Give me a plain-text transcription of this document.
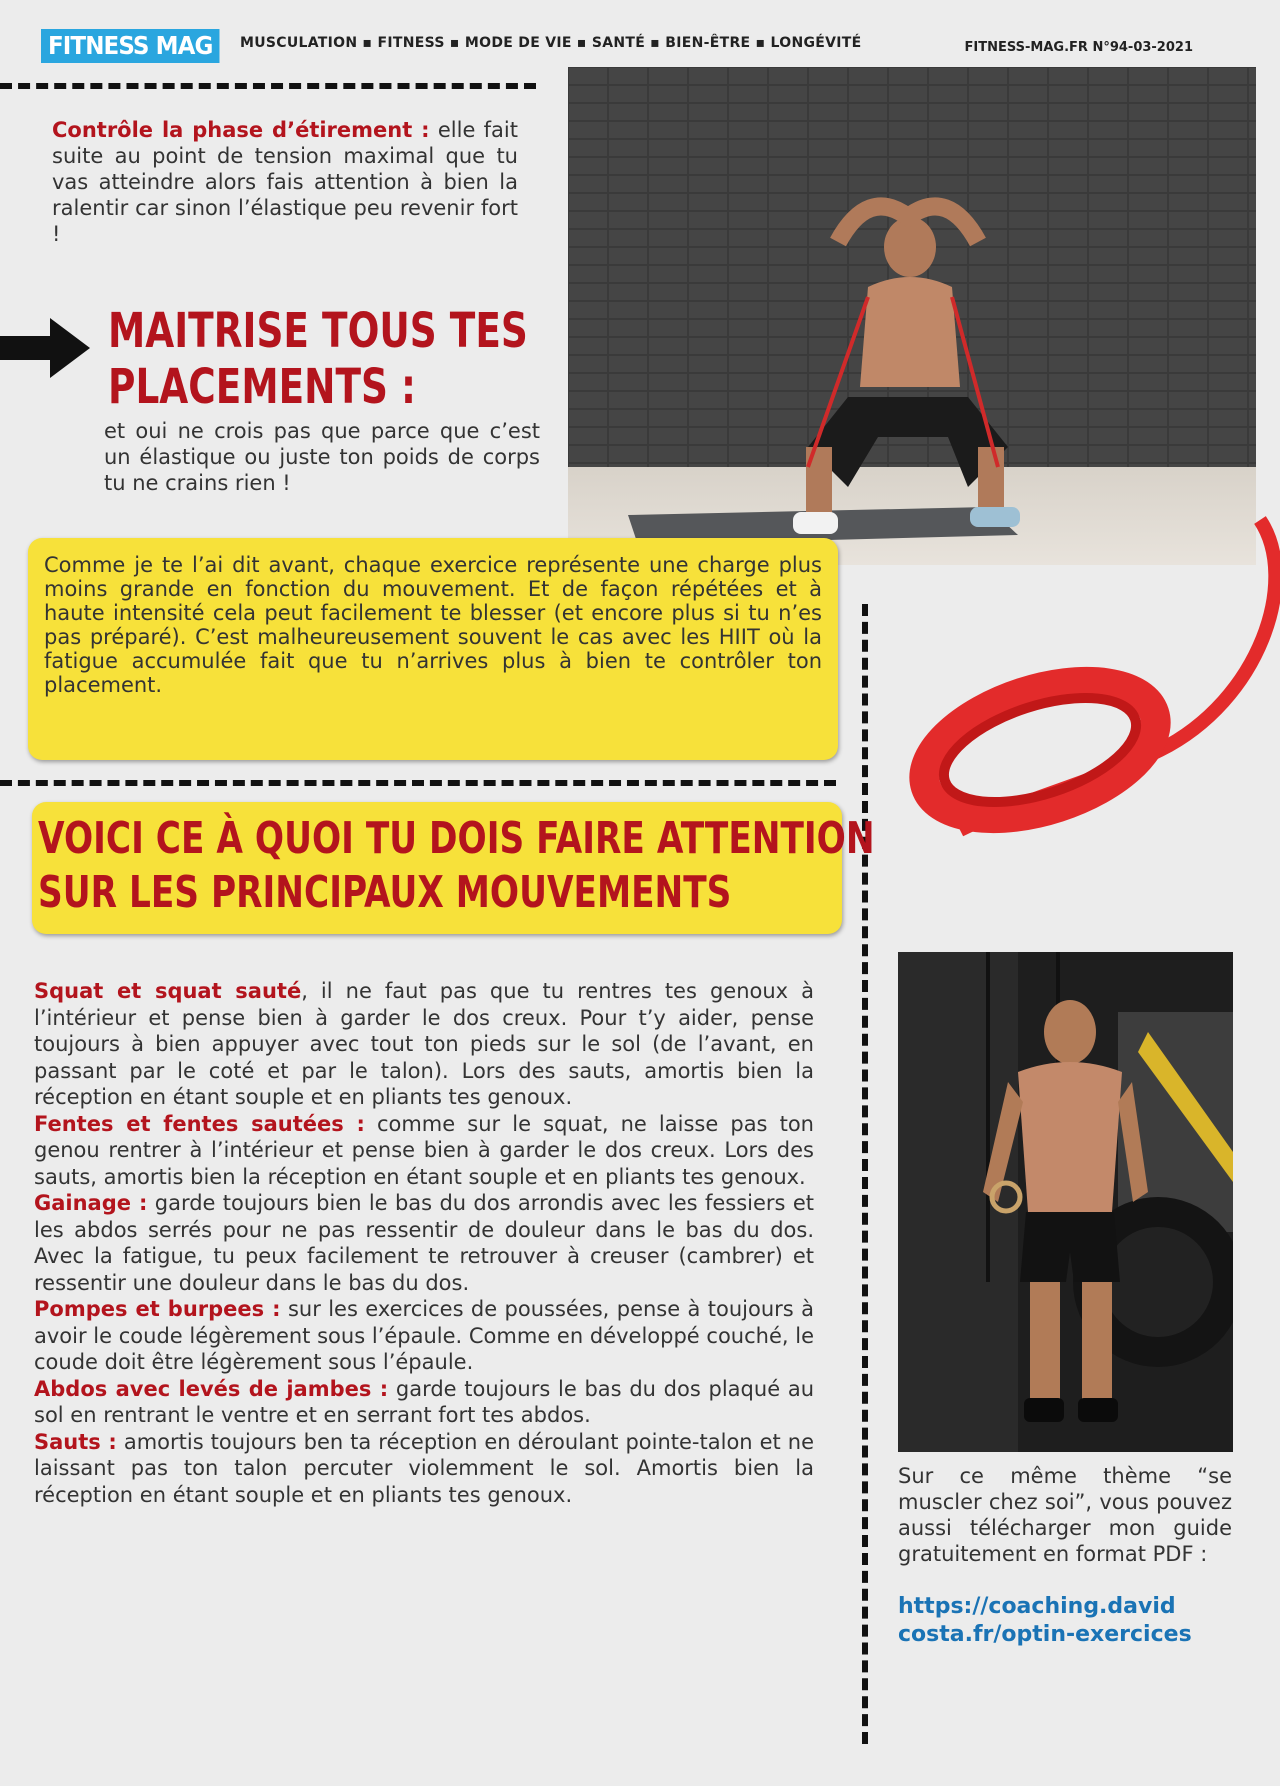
FITNESS MAG	MUSCULATION ▪ FITNESS ▪ MODE DE VIE ▪ SANTÉ ▪ BIEN-ÊTRE ▪ LONGÉVITÉ	FITNESS-MAG.FR N°94-03-2021
Contrôle la phase d’étirement : elle fait suite au point de tension maximal que tu vas atteindre alors fais attention à bien la ralentir car sinon l’élastique peu revenir fort !
MAITRISE TOUS TES
PLACEMENTS :
et oui ne crois pas que parce que c’est un élastique ou juste ton poids de corps tu ne crains rien !
Comme je te l’ai dit avant, chaque exercice représente une charge plus moins grande en fonction du mouvement. Et de façon répétées et à haute intensité cela peut facilement te blesser (et encore plus si tu n’es pas préparé). C’est malheureusement souvent le cas avec les HIIT où la fatigue accumulée fait que tu n’arrives plus à bien te contrôler ton placement.
VOICI CE À QUOI TU DOIS FAIRE ATTENTION
SUR LES PRINCIPAUX MOUVEMENTS
Squat et squat sauté, il ne faut pas que tu rentres tes genoux à l’intérieur et pense bien à garder le dos creux. Pour t’y aider, pense toujours à bien appuyer avec tout ton pieds sur le sol (de l’avant, en passant par le coté et par le talon). Lors des sauts, amortis bien la réception en étant souple et en pliants tes genoux.
Fentes et fentes sautées : comme sur le squat, ne laisse pas ton genou rentrer à l’intérieur et pense bien à garder le dos creux. Lors des sauts, amortis bien la réception en étant souple et en pliants tes genoux.
Gainage : garde toujours bien le bas du dos arrondis avec les fessiers et les abdos serrés pour ne pas ressentir de douleur dans le bas du dos. Avec la fatigue, tu peux facilement te retrouver à creuser (cambrer) et ressentir une douleur dans le bas du dos.
Pompes et burpees : sur les exercices de poussées, pense à toujours à avoir le coude légèrement sous l’épaule. Comme en développé couché, le coude doit être légèrement sous l’épaule.
Abdos avec levés de jambes : garde toujours le bas du dos plaqué au sol en rentrant le ventre et en serrant fort tes abdos.
Sauts : amortis toujours ben ta réception en déroulant pointe-talon et ne laissant pas ton talon percuter violemment le sol. Amortis bien la réception en étant souple et en pliants tes genoux.
Sur ce même thème “se muscler chez soi”, vous pouvez aussi télécharger mon guide gratuitement en format PDF :
https://coaching.david
costa.fr/optin-exercices
